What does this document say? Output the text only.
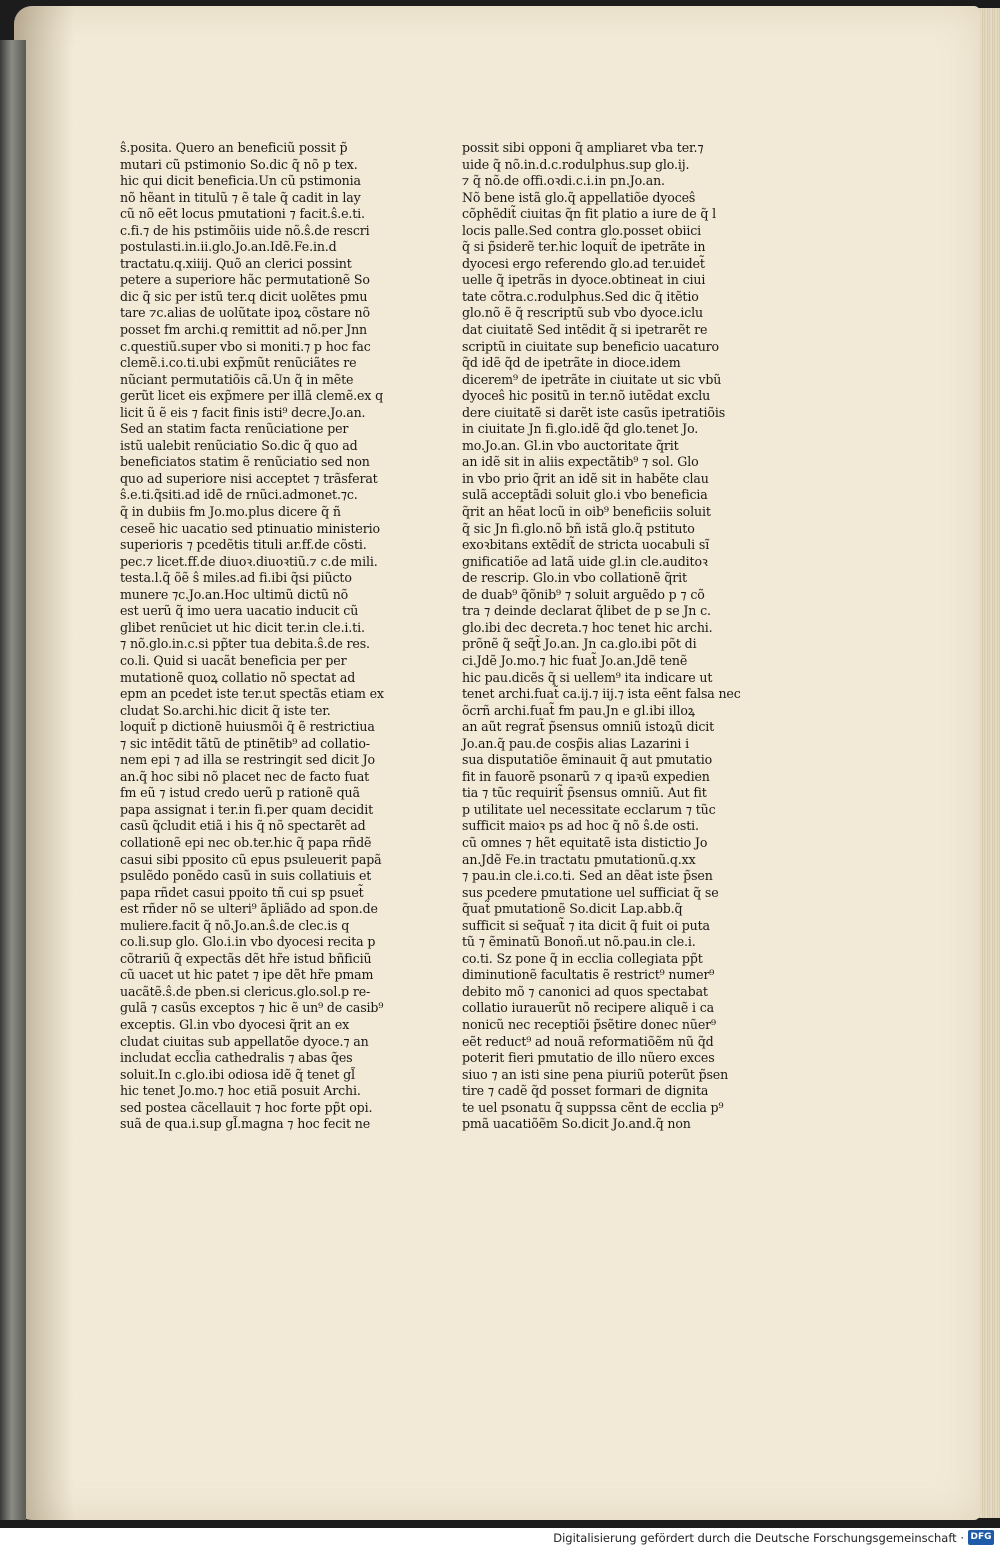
ŝ.posita. Quero an beneficiũ possit p̃
mutari cũ pstimonio So.dic q̃ nõ p tex.
hic qui dicit beneficia.Un cũ pstimonia
nõ hẽant in titulũ ⁊ ẽ tale q̃ cadit in lay
cũ nõ eẽt locus pmutationi ⁊ facit.ŝ.e.ti.
c.fi.⁊ de his pstimõiis uide nõ.ŝ.de rescri
postulasti.in.ii.glo.Jo.an.Idẽ.Fe.in.d
tractatu.q.xiiij. Quõ an clerici possint
petere a superiore hãc permutationẽ So
dic q̃ sic per istũ ter.q dicit uolẽtes pmu
tare ⁊c.alias de uolũtate ipoꝝ cõstare nõ
posset fm archi.q remittit ad nõ.per Jnn
c.questiũ.super vbo si moniti.⁊ p hoc fac
clemẽ.i.co.ti.ubi exp̃mũt renũciãtes re
nũciant permutatiõis cã.Un q̃ in mẽte
gerũt licet eis exp̃mere per illã clemẽ.ex q
licit ũ ẽ eis ⁊ facit finis isti⁹ decre.Jo.an.
Sed an statim facta renũciatione per
istũ ualebit renũciatio So.dic q̃ quo ad
beneficiatos statim ẽ renũciatio sed non
quo ad superiore nisi acceptet ⁊ trãsferat
ŝ.e.ti.q̃siti.ad idẽ de rnũci.admonet.⁊c.
q̃ in dubiis fm Jo.mo.plus dicere q̃ ñ
ceseẽ hic uacatio sed ptinuatio ministerio
superioris ⁊ pcedẽtis tituli ar.ff.de cõsti.
pec.⁊ licet.ff.de diuoꝛ.diuoꝛtiũ.⁊ c.de mili.
testa.l.q̃ õẽ ŝ miles.ad fi.ibi q̃si piũcto
munere ⁊c.Jo.an.Hoc ultimũ dictũ nõ
est uerũ q̃ imo uera uacatio inducit cũ
glibet renũciet ut hic dicit ter.in cle.i.ti.
⁊ nõ.glo.in.c.si pp̃ter tua debita.ŝ.de res.
co.li. Quid si uacãt beneficia per per
mutationẽ quoꝝ collatio nõ spectat ad
epm an pcedet iste ter.ut spectãs etiam ex
cludat So.archi.hic dicit q̃ iste ter.
loquit̃ p dictionẽ huiusmõi q̃ ẽ restrictiua
⁊ sic intẽdit tãtũ de ptinẽtib⁹ ad collatio-
nem epi ⁊ ad illa se restringit sed dicit Jo
an.q̃ hoc sibi nõ placet nec de facto fuat
fm eũ ⁊ istud credo uerũ p rationẽ quã
papa assignat i ter.in fi.per quam decidit
casũ q̃cludit etiã i his q̃ nõ spectarẽt ad
collationẽ epi nec ob.ter.hic q̃ papa rñdẽ
casui sibi pposito cũ epus psuleuerit papã
psulẽdo ponẽdo casũ in suis collatiuis et
papa rñdet casui ppoito tñ cui sp psuet̃
est rñder nõ se ulteri⁹ ãpliãdo ad spon.de
muliere.facit q̃ nõ.Jo.an.ŝ.de clec.is q
co.li.sup glo. Glo.i.in vbo dyocesi recita p
cõtrariũ q̃ expectãs dẽt hr̃e istud bñficiũ
cũ uacet ut hic patet ⁊ ipe dẽt hr̃e pmam
uacãtẽ.ŝ.de pben.si clericus.glo.sol.p re-
gulã ⁊ casũs exceptos ⁊ hic ẽ un⁹ de casib⁹
exceptis. Gl.in vbo dyocesi q̃rit an ex
cludat ciuitas sub appellatõe dyoce.⁊ an
includat eccl̃ia cathedralis ⁊ abas q̃es
soluit.In c.glo.ibi odiosa idẽ q̃ tenet gl̃
hic tenet Jo.mo.⁊ hoc etiã posuit Archi.
sed postea cãcellauit ⁊ hoc forte pp̃t opi.
suã de qua.i.sup gl̃.magna ⁊ hoc fecit ne
possit sibi opponi q̃ ampliaret vba ter.⁊
uide q̃ nõ.in.d.c.rodulphus.sup glo.ij.
⁊ q̃ nõ.de offi.oꝛdi.c.i.in pn.Jo.an.
Nõ bene istã glo.q̃ appellatiõe dyoceŝ
cõphẽdit̃ ciuitas q̃n fit platio a iure de q̃ l
locis palle.Sed contra glo.posset obiici
q̃ si p̃siderẽ ter.hic loquit̃ de ipetrãte in
dyocesi ergo referendo glo.ad ter.uidet̃
uelle q̃ ipetrãs in dyoce.obtineat in ciui
tate cõtra.c.rodulphus.Sed dic q̃ itẽtio
glo.nõ ẽ q̃ rescriptũ sub vbo dyoce.iclu
dat ciuitatẽ Sed intẽdit q̃ si ipetrarẽt re
scriptũ in ciuitate sup beneficio uacaturo
q̃d idẽ q̃d de ipetrãte in dioce.idem
dicerem⁹ de ipetrãte in ciuitate ut sic vbũ
dyoceŝ hic positũ in ter.nõ iutẽdat exclu
dere ciuitatẽ si darẽt iste casũs ipetratiõis
in ciuitate Jn fi.glo.idẽ q̃d glo.tenet Jo.
mo.Jo.an. Gl.in vbo auctoritate q̃rit
an idẽ sit in aliis expectãtib⁹ ⁊ sol. Glo
in vbo prio q̃rit an idẽ sit in habẽte clau
sulã acceptãdi soluit glo.i vbo beneficia
q̃rit an hẽat locũ in oib⁹ beneficiis soluit
q̃ sic Jn fi.glo.nõ bñ istã glo.q̃ pstituto
exoꝛbitans extẽdit̃ de stricta uocabuli sĩ
gnificatiõe ad latã uide gl.in cle.auditoꝛ
de rescrip. Glo.in vbo collationẽ q̃rit
de duab⁹ q̃õnib⁹ ⁊ soluit arguẽdo p ⁊ cõ
tra ⁊ deinde declarat q̃libet de p se Jn c.
glo.ibi dec decreta.⁊ hoc tenet hic archi.
prõnẽ q̃ seq̃t̃ Jo.an. Jn ca.glo.ibi põt di
ci.Jdẽ Jo.mo.⁊ hic fuat̃ Jo.an.Jdẽ tenẽ
hic pau.dicẽs q̃ si uellem⁹ ita indicare ut
tenet archi.fuat̃ ca.ij.⁊ iij.⁊ ista eẽnt falsa nec
õcrñ archi.fuat̃ fm pau.Jn e gl.ibi illoꝝ
an aũt regrat̃ p̃sensus omniũ istoꝝũ dicit
Jo.an.q̃ pau.de cosp̃is alias Lazarini i
sua disputatiõe ẽminauit q̃ aut pmutatio
fit in fauorẽ psonarũ ⁊ q ipaꝛũ expedien
tia ⁊ tũc requirit̃ p̃sensus omniũ. Aut fit
p utilitate uel necessitate ecclarum ⁊ tũc
sufficit maioꝛ ps ad hoc q̃ nõ ŝ.de osti.
cũ omnes ⁊ hẽt equitatẽ ista distictio Jo
an.Jdẽ Fe.in tractatu pmutationũ.q.xx
⁊ pau.in cle.i.co.ti. Sed an dẽat iste p̃sen
sus pcedere pmutatione uel sufficiat q̃ se
q̃uat̃ pmutationẽ So.dicit Lap.abb.q̃
sufficit si seq̃uat̃ ⁊ ita dicit q̃ fuit oi puta
tũ ⁊ ẽminatũ Bonoñ.ut nõ.pau.in cle.i.
co.ti. Sz pone q̃ in ecclia collegiata pp̃t
diminutionẽ facultatis ẽ restrict⁹ numer⁹
debito mõ ⁊ canonici ad quos spectabat
collatio iurauerũt nõ recipere aliquẽ i ca
nonicũ nec receptiõi p̃sẽtire donec nũer⁹
eẽt reduct⁹ ad nouã reformatiõẽm nũ q̃d
poterit fieri pmutatio de illo nũero exces
siuo ⁊ an isti sine pena piuriũ poterũt p̃sen
tire ⁊ cadẽ q̃d posset formari de dignita
te uel psonatu q̃ suppssa cẽnt de ecclia p⁹
pmã uacatiõẽm So.dicit Jo.and.q̃ non
Digitalisierung gefördert durch die Deutsche Forschungsgemeinschaft · DFG
